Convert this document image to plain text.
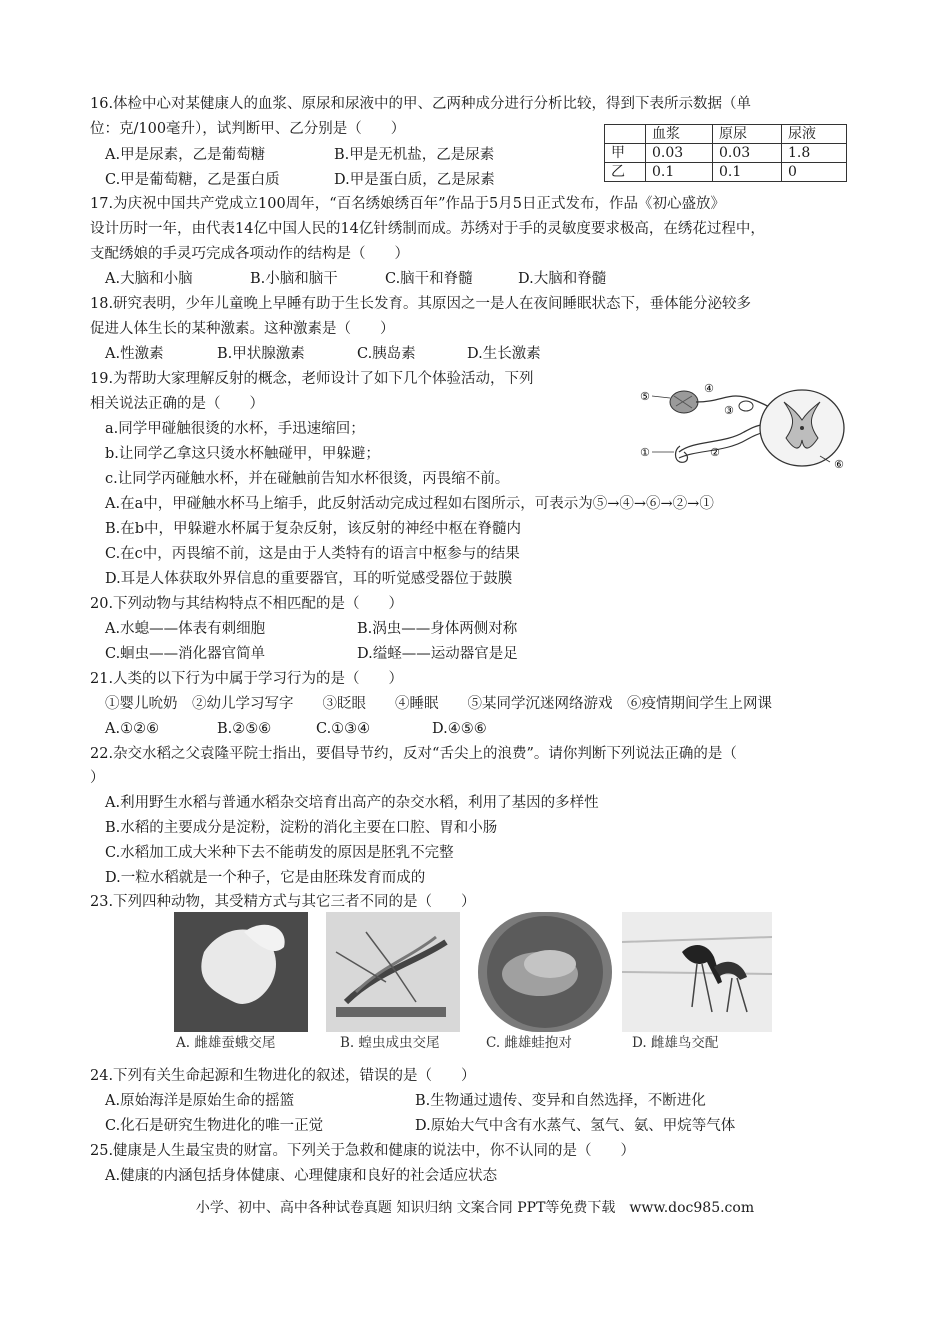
16.体检中心对某健康人的血浆、原尿和尿液中的甲、乙两种成分进行分析比较，得到下表所示数据（单
位：克/100毫升），试判断甲、乙分别是（　　）
A.甲是尿素，乙是葡萄糖	B.甲是无机盐，乙是尿素
C.甲是葡萄糖，乙是蛋白质	D.甲是蛋白质，乙是尿素
	血浆	原尿	尿液
甲	0.03	0.03	1.8
乙	0.1	0.1	0
17.为庆祝中国共产党成立100周年，“百名绣娘绣百年”作品于5月5日正式发布，作品《初心盛放》
设计历时一年，由代表14亿中国人民的14亿针绣制而成。苏绣对于手的灵敏度要求极高，在绣花过程中，
支配绣娘的手灵巧完成各项动作的结构是（　　）
A.大脑和小脑	B.小脑和脑干	C.脑干和脊髓	D.大脑和脊髓
18.研究表明，少年儿童晚上早睡有助于生长发育。其原因之一是人在夜间睡眠状态下，垂体能分泌较多
促进人体生长的某种激素。这种激素是（　　）
A.性激素	B.甲状腺激素	C.胰岛素	D.生长激素
19.为帮助大家理解反射的概念，老师设计了如下几个体验活动，下列
相关说法正确的是（　　）
a.同学甲碰触很烫的水杯，手迅速缩回；
b.让同学乙拿这只烫水杯触碰甲，甲躲避；
c.让同学丙碰触水杯，并在碰触前告知水杯很烫，丙畏缩不前。
A.在a中，甲碰触水杯马上缩手，此反射活动完成过程如右图所示，可表示为⑤→④→⑥→②→①
B.在b中，甲躲避水杯属于复杂反射，该反射的神经中枢在脊髓内
C.在c中，丙畏缩不前，这是由于人类特有的语言中枢参与的结果
D.耳是人体获取外界信息的重要器官，耳的听觉感受器位于鼓膜
⑤
④
③
②
①
⑥
20.下列动物与其结构特点不相匹配的是（　　）
A.水螅——体表有刺细胞	B.涡虫——身体两侧对称
C.蛔虫——消化器官简单	D.缢蛏——运动器官是足
21.人类的以下行为中属于学习行为的是（　　）
①婴儿吮奶　②幼儿学习写字　　③眨眼　　④睡眠　　⑤某同学沉迷网络游戏　⑥疫情期间学生上网课
A.①②⑥	B.②⑤⑥	C.①③④	D.④⑤⑥
22.杂交水稻之父袁隆平院士指出，要倡导节约，反对“舌尖上的浪费”。请你判断下列说法正确的是（
）
A.利用野生水稻与普通水稻杂交培育出高产的杂交水稻，利用了基因的多样性
B.水稻的主要成分是淀粉，淀粉的消化主要在口腔、胃和小肠
C.水稻加工成大米种下去不能萌发的原因是胚乳不完整
D.一粒水稻就是一个种子，它是由胚珠发育而成的
23.下列四种动物，其受精方式与其它三者不同的是（　　）
A. 雌雄蚕蛾交尾	B. 蝗虫成虫交尾	C. 雌雄蛙抱对	D. 雌雄鸟交配
24.下列有关生命起源和生物进化的叙述，错误的是（　　）
A.原始海洋是原始生命的摇篮	B.生物通过遗传、变异和自然选择，不断进化
C.化石是研究生物进化的唯一正觉	D.原始大气中含有水蒸气、氢气、氨、甲烷等气体
25.健康是人生最宝贵的财富。下列关于急救和健康的说法中，你不认同的是（　　）
A.健康的内涵包括身体健康、心理健康和良好的社会适应状态
小学、初中、高中各种试卷真题 知识归纳 文案合同 PPT等免费下载　www.doc985.com
